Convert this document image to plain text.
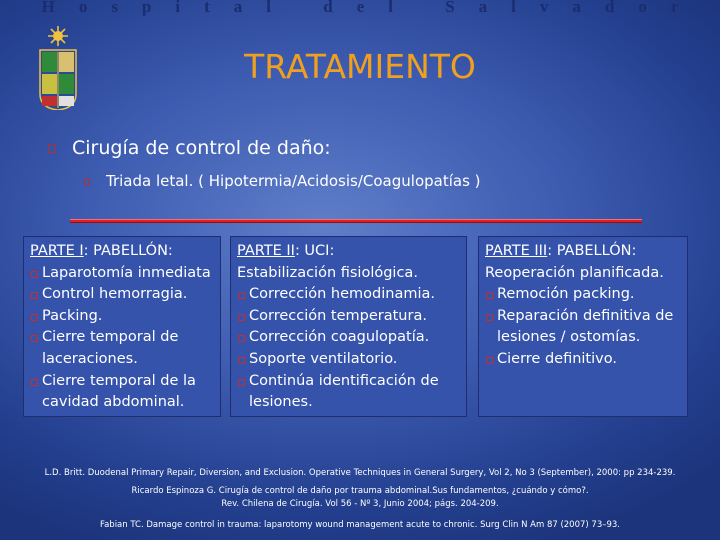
Hospital del Salvador
TRATAMIENTO
Cirugía de control de daño:
Triada letal. ( Hipotermia/Acidosis/Coagulopatías )
PARTE I: PABELLÓN:
Laparotomía inmediata
Control hemorragia.
Packing.
Cierre temporal de
laceraciones.
Cierre temporal de la
cavidad abdominal.
PARTE II: UCI:
Estabilización fisiológica.
Corrección hemodinamia.
Corrección temperatura.
Corrección coagulopatía.
Soporte ventilatorio.
Continúa identificación de
lesiones.
PARTE III: PABELLÓN:
Reoperación planificada.
Remoción packing.
Reparación definitiva de
lesiones / ostomías.
Cierre definitivo.
L.D. Britt. Duodenal Primary Repair, Diversion, and Exclusion. Operative Techniques in General Surgery, Vol 2, No 3 (September), 2000: pp 234-239.
Ricardo Espinoza G. Cirugía de control de daño por trauma abdominal.Sus fundamentos, ¿cuándo y cómo?.
Rev. Chilena de Cirugía. Vol 56 - Nº 3, Junio 2004; págs. 204-209.
Fabian TC. Damage control in trauma: laparotomy wound management acute to chronic. Surg Clin N Am 87 (2007) 73–93.
